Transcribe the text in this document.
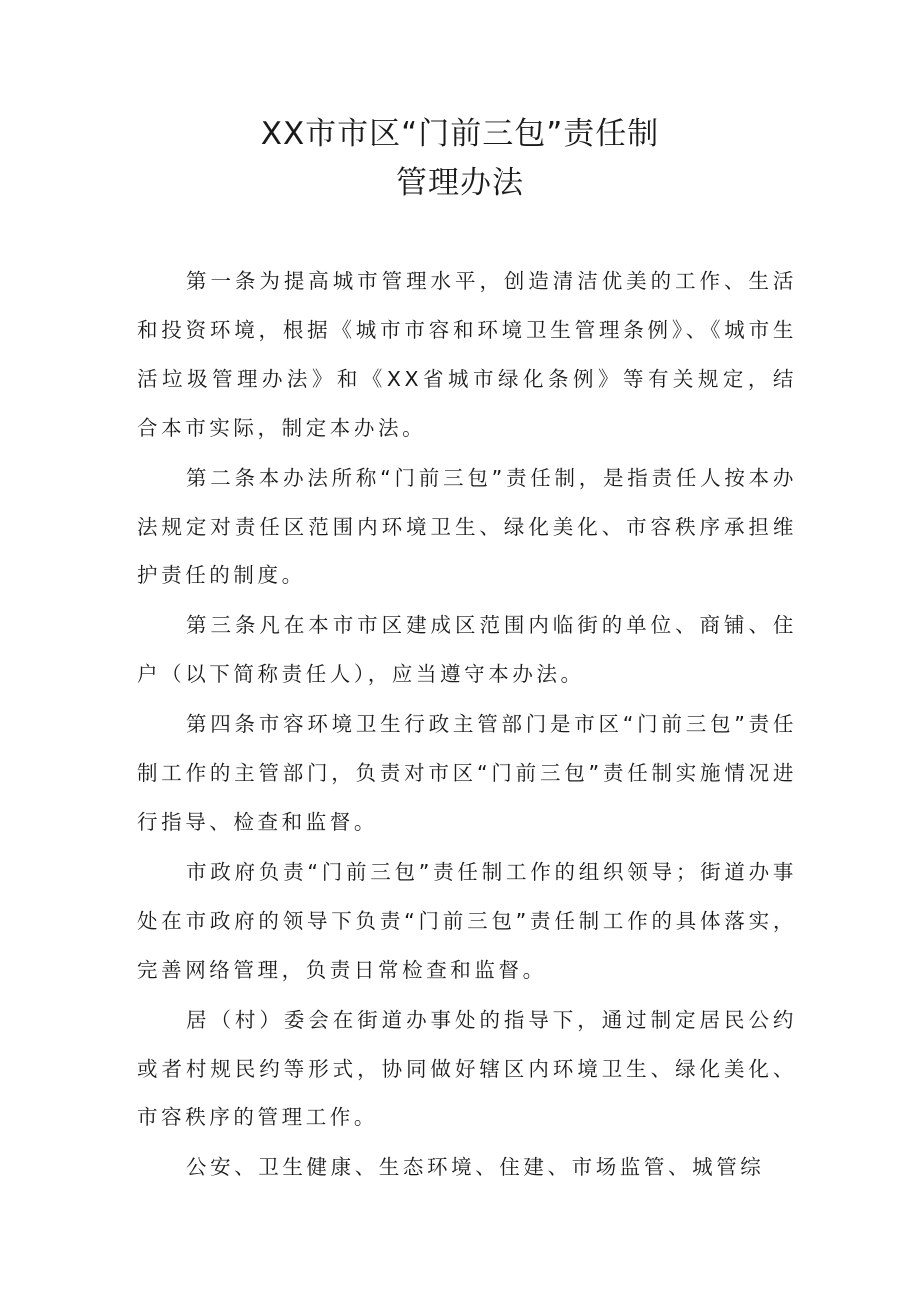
XX市市区“门前三包”责任制
管理办法

第一条为提高城市管理水平，创造清洁优美的工作、生活和投资环境，根据《城市市容和环境卫生管理条例》、《城市生活垃圾管理办法》和《XX省城市绿化条例》等有关规定，结合本市实际，制定本办法。

第二条本办法所称“门前三包”责任制，是指责任人按本办法规定对责任区范围内环境卫生、绿化美化、市容秩序承担维护责任的制度。

第三条凡在本市市区建成区范围内临街的单位、商铺、住户（以下简称责任人），应当遵守本办法。

第四条市容环境卫生行政主管部门是市区“门前三包”责任制工作的主管部门，负责对市区“门前三包”责任制实施情况进行指导、检查和监督。

市政府负责“门前三包”责任制工作的组织领导；街道办事处在市政府的领导下负责“门前三包”责任制工作的具体落实，完善网络管理，负责日常检查和监督。

居（村）委会在街道办事处的指导下，通过制定居民公约或者村规民约等形式，协同做好辖区内环境卫生、绿化美化、市容秩序的管理工作。

公安、卫生健康、生态环境、住建、市场监管、城管综
